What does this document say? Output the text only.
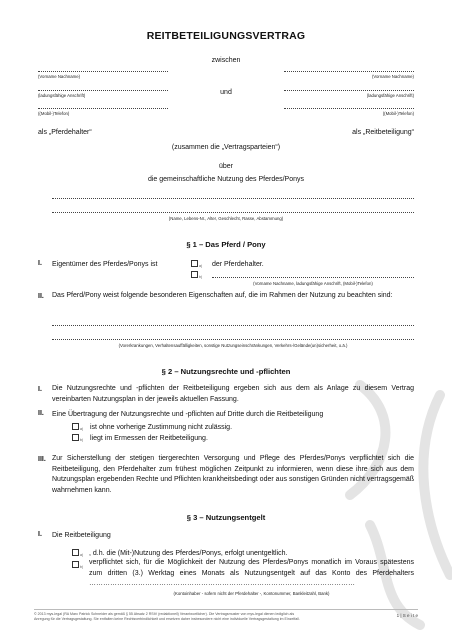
REITBETEILIGUNGSVERTRAG
zwischen
(Vorname Nachname)
(ladungsfähige Anschrift)
((Mobil-)Telefon)
und
(Vorname Nachname)
(ladungsfähige Anschrift)
((Mobil-)Telefon)
als „Pferdehalter“	als „Reitbeteiligung“
(zusammen die „Vertragsparteien“)
über
die gemeinschaftliche Nutzung des Pferdes/Ponys
(Name, Lebens-Nr., Alter, Geschlecht, Rasse, Abstammung)
§ 1 – Das Pferd / Pony
I. Eigentümer des Pferdes/Ponys ist	a) der Pferdehalter.
b)
(Vorname Nachname, ladungsfähige Anschrift, (Mobil-)Telefon)
II. Das Pferd/Pony weist folgende besonderen Eigenschaften auf, die im Rahmen der Nutzung zu beachten sind:
(Vorerkrankungen, Verhaltensauffälligkeiten, sonstige Nutzungseinschränkungen, Verkehrs-/Gelände(un)sicherheit, o.ä.)
§ 2 – Nutzungsrechte und -pflichten
I. Die Nutzungsrechte und -pflichten der Reitbeteiligung ergeben sich aus dem als Anlage zu diesem Vertrag vereinbarten Nutzungsplan in der jeweils aktuellen Fassung.
II. Eine Übertragung der Nutzungsrechte und -pflichten auf Dritte durch die Reitbeteiligung
a) ist ohne vorherige Zustimmung nicht zulässig.
b) liegt im Ermessen der Reitbeteiligung.
III. Zur Sicherstellung der stetigen tiergerechten Versorgung und Pflege des Pferdes/Ponys verpflichtet sich die Reitbeteiligung, den Pferdehalter zum frühest möglichen Zeitpunkt zu informieren, wenn diese ihre sich aus dem Nutzungsplan ergebenden Rechte und Pflichten krankheitsbedingt oder aus sonstigen Gründen nicht vertragsgemäß wahrnehmen kann.
§ 3 – Nutzungsentgelt
I. Die Reitbeteiligung
a) , d.h. die (Mit-)Nutzung des Pferdes/Ponys, erfolgt unentgeltlich.
b)
verpflichtet sich, für die Möglichkeit der Nutzung des Pferdes/Ponys monatlich im Voraus spätestens zum dritten (3.) Werktag eines Monats als Nutzungsentgelt auf das Konto des Pferdehalters ……………………………………………………………………………………………………
(Kontoinhaber - sofern nicht der Pferdehalter -, Kontonummer, Bankleitzahl, Bank)
© 2013 mys-legal (RA Marc Patrick Schneider als gemäß § 55 Absatz 2 RStV (redaktionell) Verantwortlicher). Die Vertragsmuster von mys-legal dienen lediglich als
Anregung für die Vertragsgestaltung. Sie entfalten keine Rechtsverbindlichkeit und ersetzen daher insbesondere nicht eine individuelle Vertragsgestaltung im Einzelfall.
1 | S e i t e
